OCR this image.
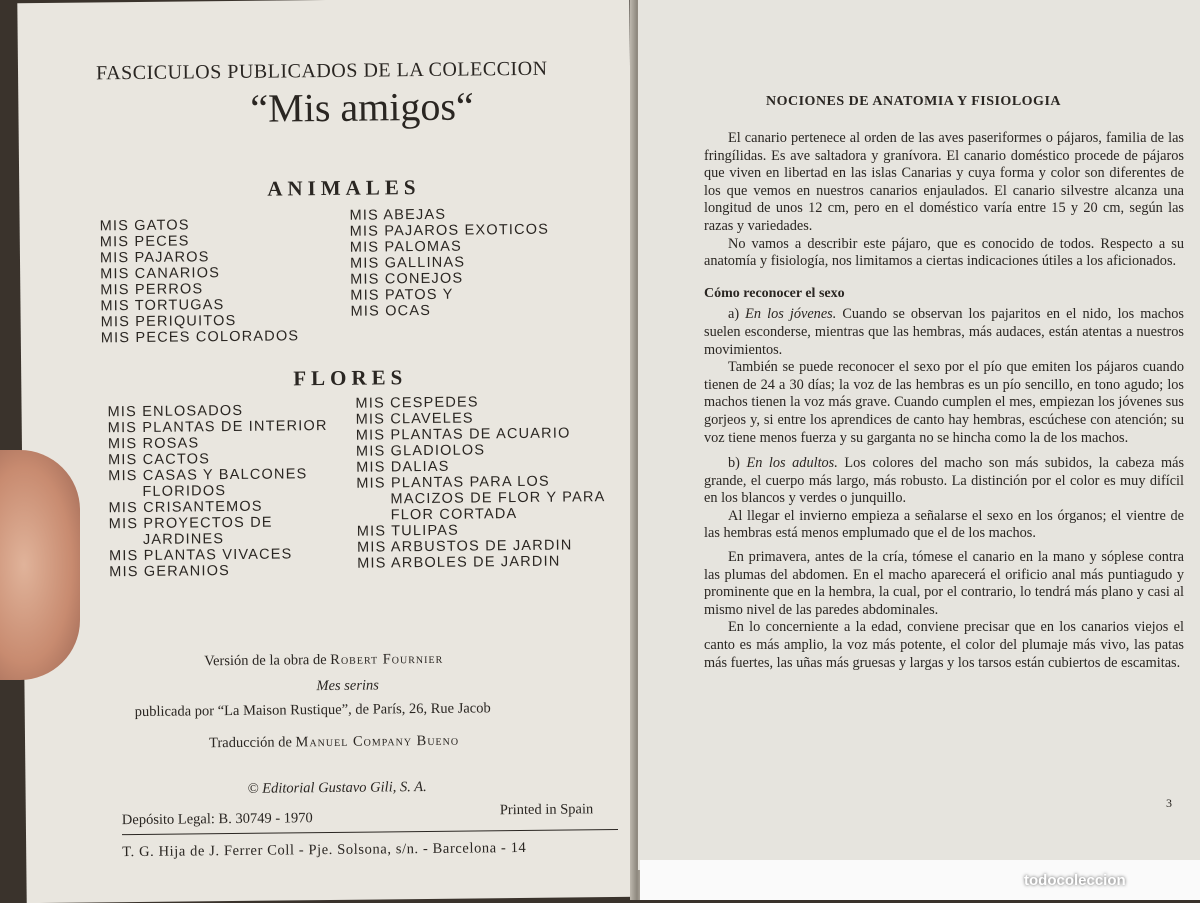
FASCICULOS PUBLICADOS DE LA COLECCION
“Mis amigos“
ANIMALES
MIS GATOS
MIS PECES
MIS PAJAROS
MIS CANARIOS
MIS PERROS
MIS TORTUGAS
MIS PERIQUITOS
MIS PECES COLORADOS
MIS ABEJAS
MIS PAJAROS EXOTICOS
MIS PALOMAS
MIS GALLINAS
MIS CONEJOS
MIS PATOS Y
MIS OCAS
FLORES
MIS ENLOSADOS
MIS PLANTAS DE INTERIOR
MIS ROSAS
MIS CACTOS
MIS CASAS Y BALCONES
FLORIDOS
MIS CRISANTEMOS
MIS PROYECTOS DE
JARDINES
MIS PLANTAS VIVACES
MIS GERANIOS
MIS CESPEDES
MIS CLAVELES
MIS PLANTAS DE ACUARIO
MIS GLADIOLOS
MIS DALIAS
MIS PLANTAS PARA LOS
MACIZOS DE FLOR Y PARA
FLOR CORTADA
MIS TULIPAS
MIS ARBUSTOS DE JARDIN
MIS ARBOLES DE JARDIN
Versión de la obra de Robert Fournier
Mes serins
publicada por “La Maison Rustique”, de París, 26, Rue Jacob
Traducción de Manuel Company Bueno
© Editorial Gustavo Gili, S. A.
Depósito Legal: B. 30749 - 1970
Printed in Spain
T. G. Hija de J. Ferrer Coll - Pje. Solsona, s/n. - Barcelona - 14
NOCIONES DE ANATOMIA Y FISIOLOGIA

El canario pertenece al orden de las aves paseriformes o pájaros, familia de las fringílidas. Es ave saltadora y granívora. El canario doméstico procede de pájaros que viven en libertad en las islas Canarias y cuya forma y color son diferentes de los que vemos en nuestros canarios enjaulados. El canario silvestre alcanza una longitud de unos 12 cm, pero en el doméstico varía entre 15 y 20 cm, según las razas y variedades.

No vamos a describir este pájaro, que es conocido de todos. Respecto a su anatomía y fisiología, nos limitamos a ciertas indicaciones útiles a los aficionados.

Cómo reconocer el sexo

a) En los jóvenes. Cuando se observan los pajaritos en el nido, los machos suelen esconderse, mientras que las hembras, más audaces, están atentas a nuestros movimientos.

También se puede reconocer el sexo por el pío que emiten los pájaros cuando tienen de 24 a 30 días; la voz de las hembras es un pío sencillo, en tono agudo; los machos tienen la voz más grave. Cuando cumplen el mes, empiezan los jóvenes sus gorjeos y, si entre los aprendices de canto hay hembras, escúchese con atención; su voz tiene menos fuerza y su garganta no se hincha como la de los machos.

b) En los adultos. Los colores del macho son más subidos, la cabeza más grande, el cuerpo más largo, más robusto. La distinción por el color es muy difícil en los blancos y verdes o junquillo.

Al llegar el invierno empieza a señalarse el sexo en los órganos; el vientre de las hembras está menos emplumado que el de los machos.

En primavera, antes de la cría, tómese el canario en la mano y sóplese contra las plumas del abdomen. En el macho aparecerá el orificio anal más puntiagudo y prominente que en la hembra, la cual, por el contrario, lo tendrá más plano y casi al mismo nivel de las paredes abdominales.

En lo concerniente a la edad, conviene precisar que en los canarios viejos el canto es más amplio, la voz más potente, el color del plumaje más vivo, las patas más fuertes, las uñas más gruesas y largas y los tarsos están cubiertos de escamitas.

3
todocoleccion
